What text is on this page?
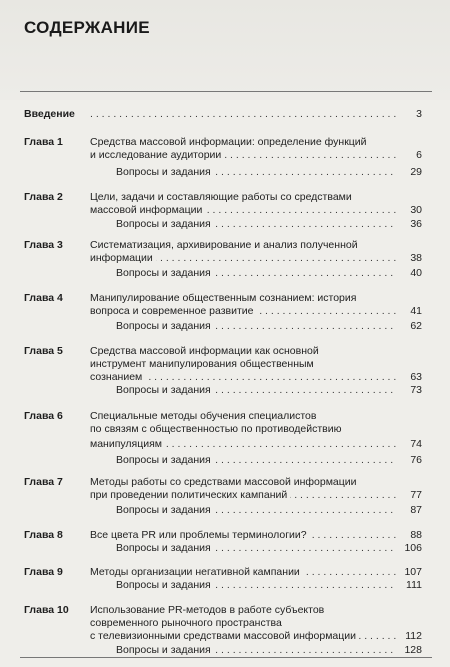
СОДЕРЖАНИЕ
Введение . . .	3
Глава 1	Средства массовой информации: определение функций
. . .
и исследование аудитории	6
. . .
Вопросы и задания	29
Глава 2	Цели, задачи и составляющие работы со средствами
. . .
массовой информации	30
. . .
Вопросы и задания	36
Глава 3	Систематизация, архивирование и анализ полученной
. . .
информации	38
. . .
Вопросы и задания	40
Глава 4	Манипулирование общественным сознанием: история
. . .
вопроса и современное развитие	41
. . .
Вопросы и задания	62
Глава 5	Средства массовой информации как основной
инструмент манипулирования общественным
. . .
сознанием	63
. . .
Вопросы и задания	73
Глава 6	Специальные методы обучения специалистов
по связям с общественностью по противодействию
. . .
манипуляциям	74
. . .
Вопросы и задания	76
Глава 7	Методы работы со средствами массовой информации
. . .
при проведении политических кампаний	77
. . .
Вопросы и задания	87
Глава 8 . . .	Все цвета PR или проблемы терминологии?	88
. . .
Вопросы и задания	106
Глава 9 . . .	Методы организации негативной кампании	107
. . .
Вопросы и задания	111
Глава 10 Использование PR-методов в работе субъектов
современного рыночного пространства
. . .
с телевизионными средствами массовой информации	112
. . .
Вопросы и задания	128
